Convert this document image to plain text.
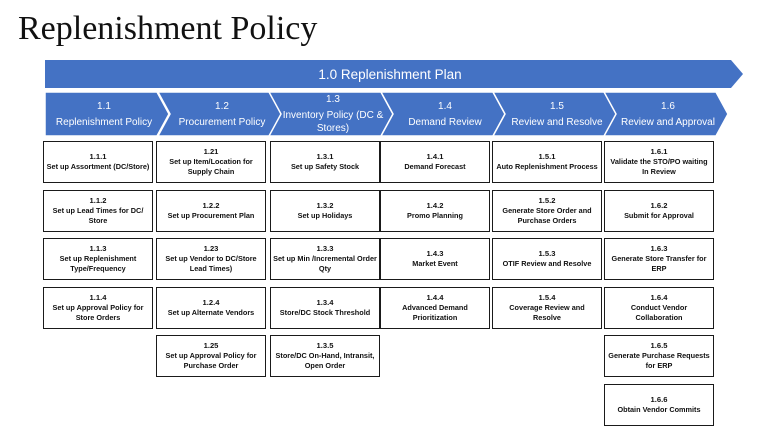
Replenishment Policy
1.0 Replenishment Plan
1.1
Replenishment Policy
1.2
Procurement Policy
1.3
Inventory Policy (DC & Stores)
1.4
Demand Review
1.5
Review and Resolve
1.6
Review and Approval
1.1.1
Set up Assortment (DC/Store)
1.1.2
Set up Lead Times for DC/ Store
1.1.3
Set up Replenishment Type/Frequency
1.1.4
Set up Approval Policy for Store Orders
1.21
Set up Item/Location for Supply Chain
1.2.2
Set up Procurement Plan
1.23
Set up Vendor to DC/Store Lead Times)
1.2.4
Set up Alternate Vendors
1.25
Set up Approval Policy for Purchase Order
1.3.1
Set up Safety Stock
1.3.2
Set up Holidays
1.3.3
Set up Min /Incremental Order Qty
1.3.4
Store/DC Stock Threshold
1.3.5
Store/DC On-Hand, Intransit, Open Order
1.4.1
Demand Forecast
1.4.2
Promo Planning
1.4.3
Market Event
1.4.4
Advanced Demand Prioritization
1.5.1
Auto Replenishment Process
1.5.2
Generate Store Order and Purchase Orders
1.5.3
OTIF Review and Resolve
1.5.4
Coverage Review and Resolve
1.6.1
Validate the STO/PO waiting In Review
1.6.2
Submit for Approval
1.6.3
Generate Store Transfer for ERP
1.6.4
Conduct Vendor Collaboration
1.6.5
Generate Purchase Requests for ERP
1.6.6
Obtain Vendor Commits
